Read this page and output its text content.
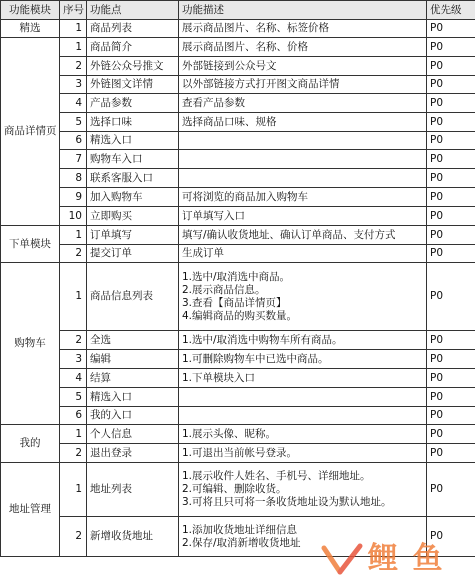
功能模块	序号	功能点	功能描述	优先级
精选	1	商品列表	展示商品图片、名称、标签价格	P0
商品详情页	1	商品简介	展示商品图片、名称、价格	P0
	2	外链公众号推文	外部链接到公众号文	P0
	3	外链图文详情	以外部链接方式打开图文商品详情	P0
	4	产品参数	查看产品参数	P0
	5	选择口味	选择商品口味、规格	P0
	6	精选入口		P0
	7	购物车入口		P0
	8	联系客服入口		P0
	9	加入购物车	可将浏览的商品加入购物车	P0
	10	立即购买	订单填写入口	P0
下单模块	1	订单填写	填写/确认收货地址、确认订单商品、支付方式	P0
	2	提交订单	生成订单	P0
购物车	1	商品信息列表	1.选中/取消选中商品。
2.展示商品信息。
3.查看【商品详情页】
4.编辑商品的购买数量。	P0
	2	全选	1.选中/取消选中购物车所有商品。	P0
	3	编辑	1.可删除购物车中已选中商品。	P0
	4	结算	1.下单模块入口	P0
	5	精选入口		P0
	6	我的入口		P0
我的	1	个人信息	1.展示头像、昵称。	P0
	2	退出登录	1.可退出当前帐号登录。	P0
地址管理	1	地址列表	1.展示收件人姓名、手机号、详细地址。
2.可编辑、删除收货。
3.可将且只可将一条收货地址设为默认地址。	P0
	2	新增收货地址	1.添加收货地址详细信息
2.保存/取消新增收货地址	P0
鲤 鱼
